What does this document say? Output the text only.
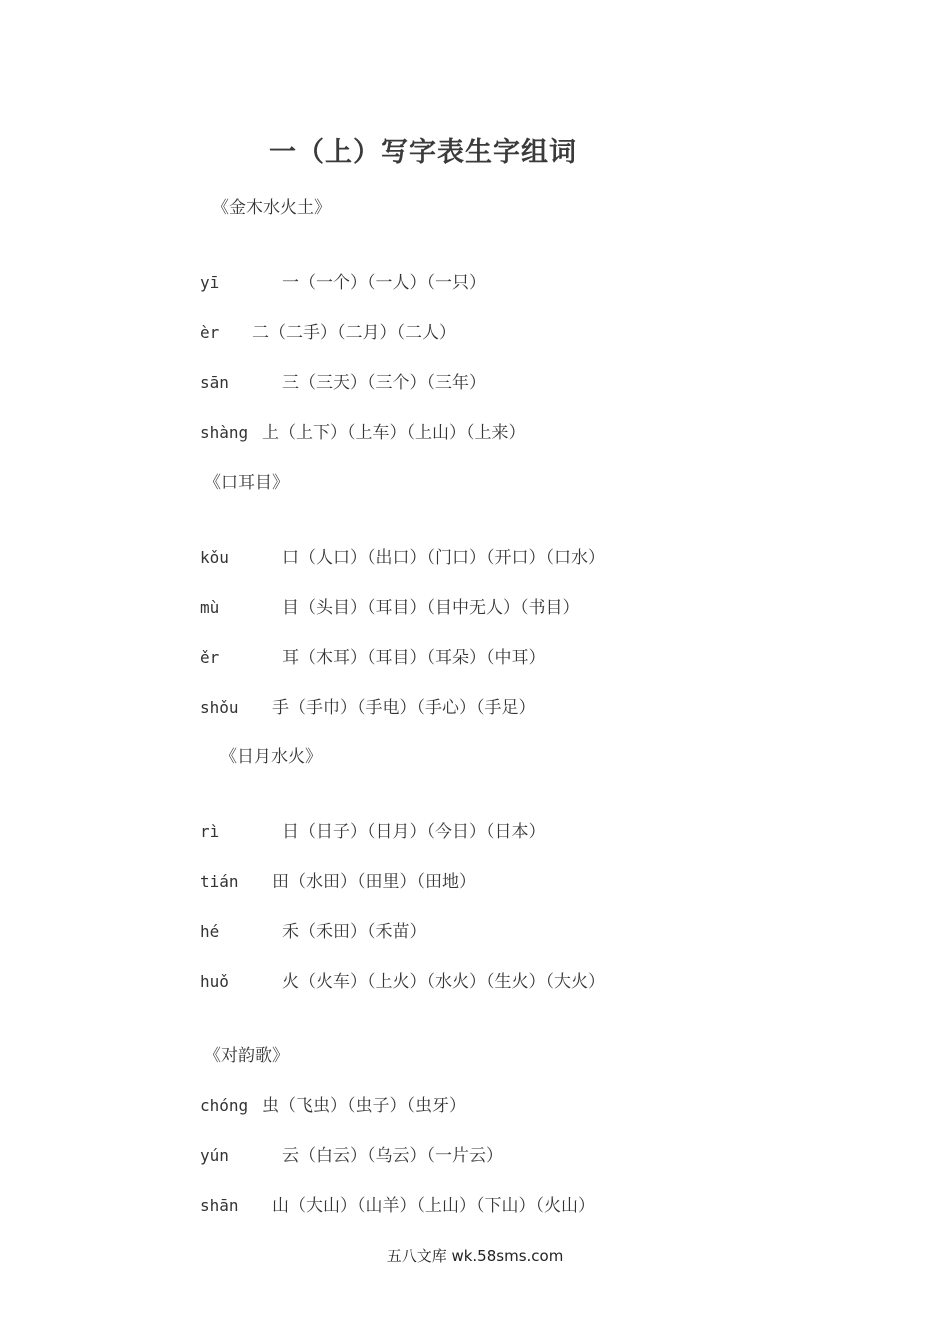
一（上）写字表生字组词
《金木水火土》
yī	一（一个）（一人）（一只）
èr 二（二手）（二月）（二人）
sān	三（三天）（三个）（三年）
shàng 上（上下）（上车）（上山）（上来）
《口耳目》
kǒu	口（人口）（出口）（门口）（开口）（口水）
mù	目（头目）（耳目）（目中无人）（书目）
ěr	耳（木耳）（耳目）（耳朵）（中耳）
shǒu 手（手巾）（手电）（手心）（手足）
《日月水火》
rì	日（日子）（日月）（今日）（日本）
tián 田（水田）（田里）（田地）
hé	禾（禾田）（禾苗）
huǒ	火（火车）（上火）（水火）（生火）（大火）
《对韵歌》
chóng 虫（飞虫）（虫子）（虫牙）
yún	云（白云）（乌云）（一片云）
shān 山（大山）（山羊）（上山）（下山）（火山）
五八文库 wk.58sms.com
